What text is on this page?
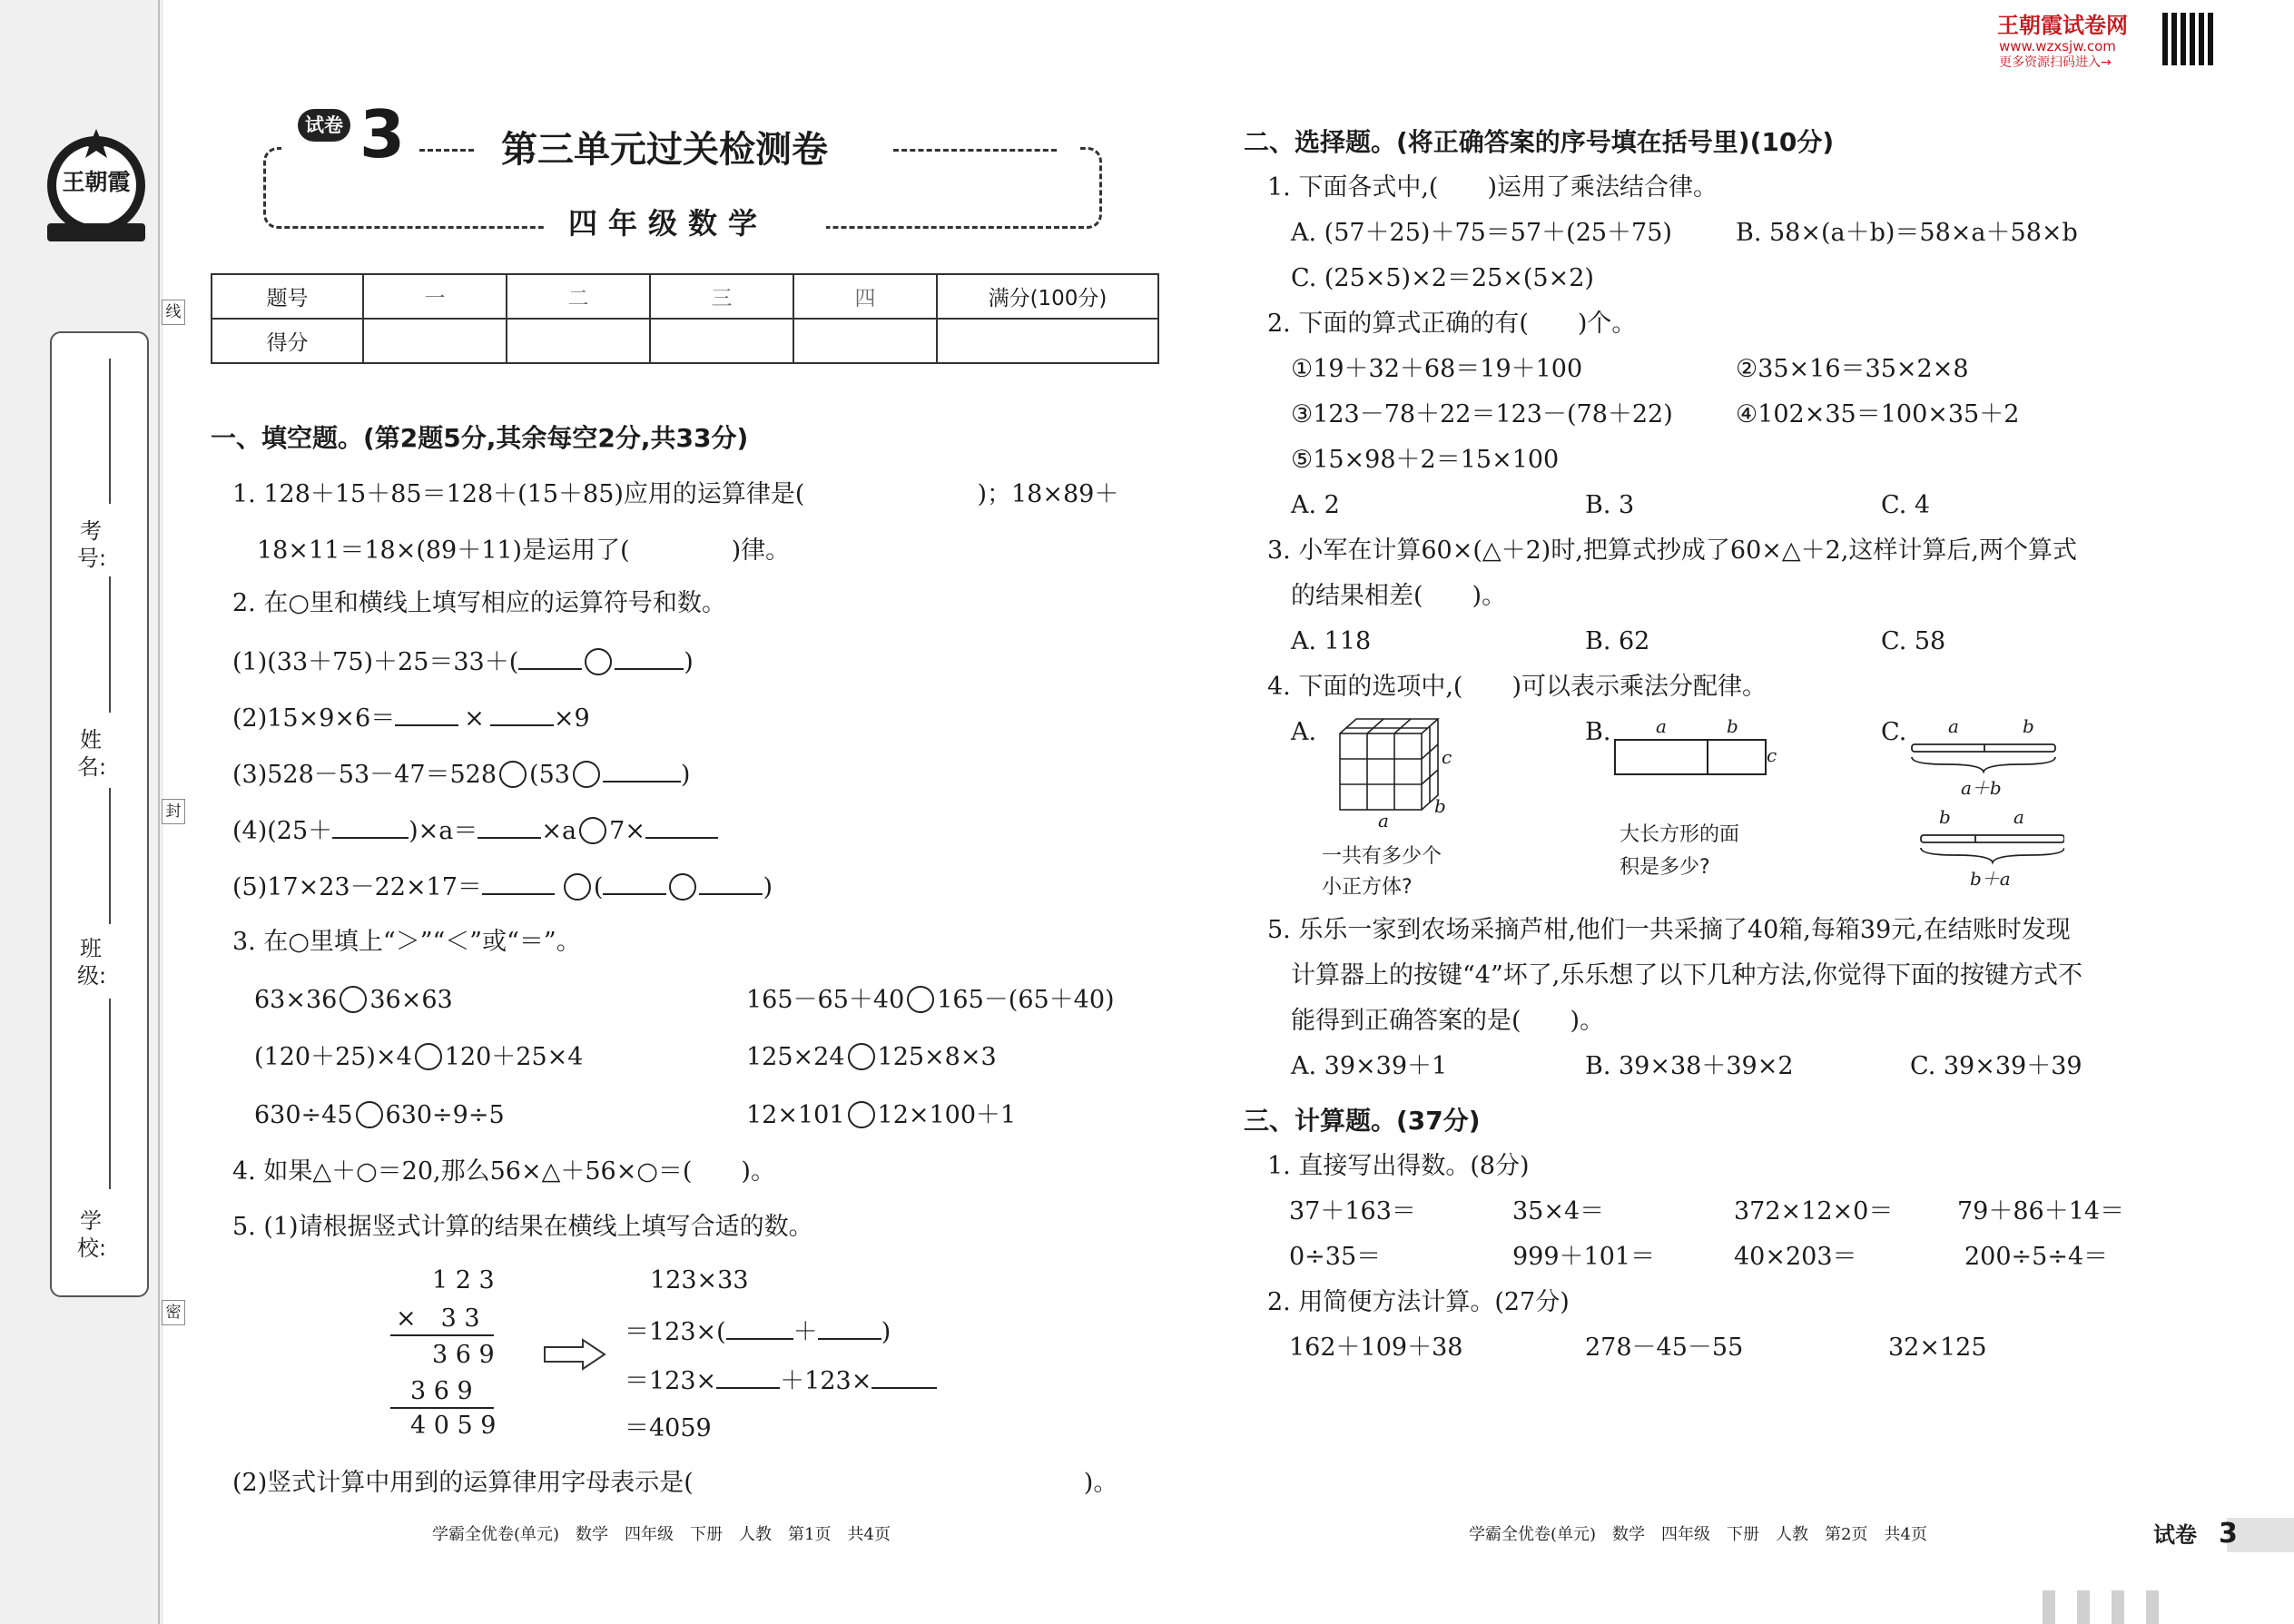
王朝霞
考号:
姓名:
班级:
学校:
线
封
密
试卷 3	第三单元过关检测卷
四年级数学
王朝霞试卷网
www.wzxsjw.com
更多资源扫码进入→
题号	一	二	三	四	满分(100分)
得分					
一、填空题。(第2题5分,其余每空2分,共33分)
1. 128＋15＋85＝128＋(15＋85)应用的运算律是(	)；18×89＋
18×11＝18×(89＋11)是运用了(	)律。
2. 在○里和横线上填写相应的运算符号和数。
(1)(33＋75)＋25＝33＋(	)
(2)15×9×6＝	×	×9
(3)528－53－47＝528 (53	)
(4)(25＋	)×a＝	×a 7×
(5)17×23－22×17＝	(	)
3. 在○里填上“＞”“＜”或“＝”。
63×36 36×63	165－65＋40 165－(65＋40)
(120＋25)×4 120＋25×4	125×24 125×8×3
630÷45 630÷9÷5	12×101 12×100＋1
4. 如果△＋○＝20,那么56×△＋56×○＝(　　)。
5. (1)请根据竖式计算的结果在横线上填写合适的数。
1 2 3
×　3 3
3 6 9
3 6 9
4 0 5 9
123×33
＝123×(	＋	)
＝123×	＋123×
＝4059
(2)竖式计算中用到的运算律用字母表示是(	)。
学霸全优卷(单元)　数学　四年级　下册　人教　第1页　共4页
二、选择题。(将正确答案的序号填在括号里)(10分)
1. 下面各式中,(　　)运用了乘法结合律。
A. (57＋25)＋75＝57＋(25＋75)	B. 58×(a＋b)＝58×a＋58×b
C. (25×5)×2＝25×(5×2)
2. 下面的算式正确的有(　　)个。
①19＋32＋68＝19＋100	②35×16＝35×2×8
③123－78＋22＝123－(78＋22)	④102×35＝100×35＋2
⑤15×98＋2＝15×100
A. 2	B. 3	C. 4
3. 小军在计算60×(△＋2)时,把算式抄成了60×△＋2,这样计算后,两个算式
的结果相差(　　)。
A. 118	B. 62	C. 58
4. 下面的选项中,(　　)可以表示乘法分配律。
A.
c
b
a
一共有多少个
小正方体?
B. a	b
c
大长方形的面
积是多少?
C. a	b
a＋b
b	a
b＋a
5. 乐乐一家到农场采摘芦柑,他们一共采摘了40箱,每箱39元,在结账时发现
计算器上的按键“4”坏了,乐乐想了以下几种方法,你觉得下面的按键方式不
能得到正确答案的是(　　)。
A. 39×39＋1	B. 39×38＋39×2	C. 39×39＋39
三、计算题。(37分)
1. 直接写出得数。(8分)
37＋163＝	35×4＝	372×12×0＝	79＋86＋14＝
0÷35＝	999＋101＝	40×203＝	200÷5÷4＝
2. 用简便方法计算。(27分)
162＋109＋38	278－45－55	32×125
学霸全优卷(单元)　数学　四年级　下册　人教　第2页　共4页	试卷 3
